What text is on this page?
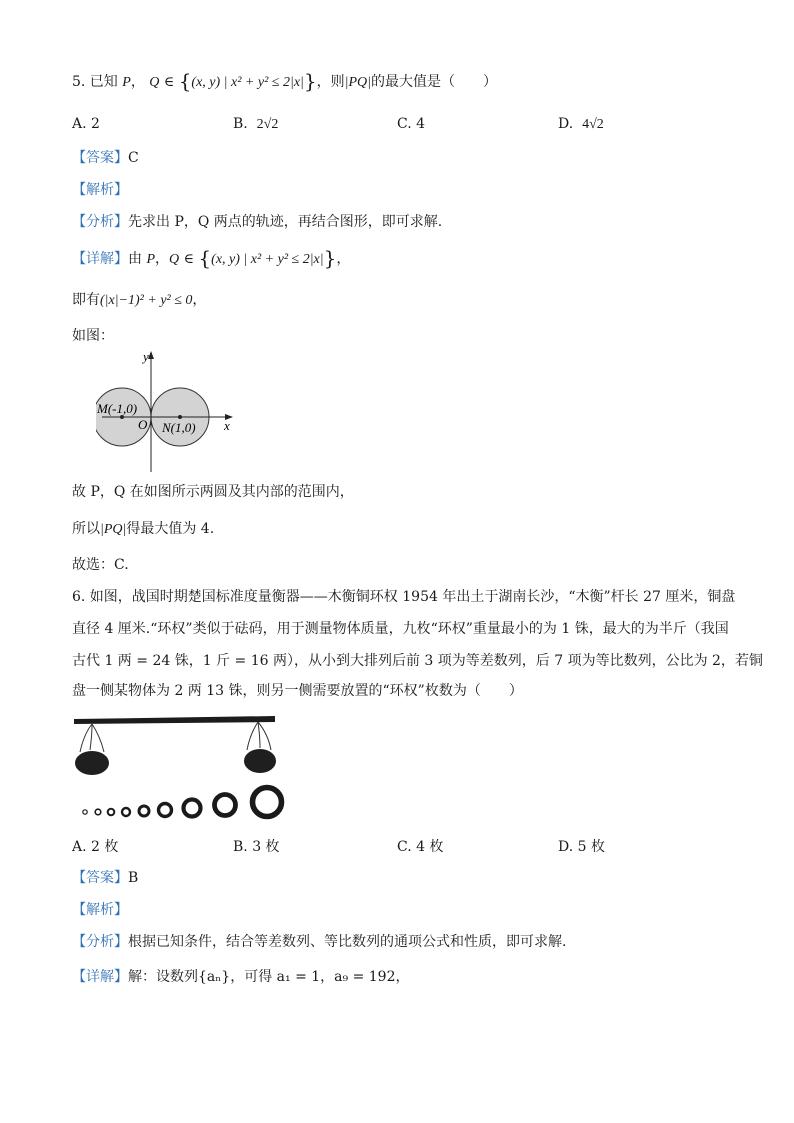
5. 已知 P， Q ∈ {(x, y) | x² + y² ≤ 2|x|}，则|PQ|的最大值是（　　）
A. 2	B. 2√2	C. 4	D. 4√2
【答案】C
【解析】
【分析】先求出 P，Q 两点的轨迹，再结合图形，即可求解.
【详解】由 P，Q ∈ {(x, y) | x² + y² ≤ 2|x|}，
即有(|x|−1)² + y² ≤ 0，
如图：
y
x
O
M(-1,0)
N(1,0)
故 P，Q 在如图所示两圆及其内部的范围内，
所以|PQ|得最大值为 4.
故选：C.
6. 如图，战国时期楚国标准度量衡器——木衡铜环权 1954 年出土于湖南长沙，“木衡”杆长 27 厘米，铜盘
直径 4 厘米.“环权”类似于砝码，用于测量物体质量，九枚“环权”重量最小的为 1 铢，最大的为半斤（我国
古代 1 两 = 24 铢，1 斤 = 16 两），从小到大排列后前 3 项为等差数列，后 7 项为等比数列，公比为 2，若铜
盘一侧某物体为 2 两 13 铢，则另一侧需要放置的“环权”枚数为（　　）
A. 2 枚	B. 3 枚	C. 4 枚	D. 5 枚
【答案】B
【解析】
【分析】根据已知条件，结合等差数列、等比数列的通项公式和性质，即可求解.
【详解】解：设数列{aₙ}，可得 a₁ = 1，a₉ = 192，
